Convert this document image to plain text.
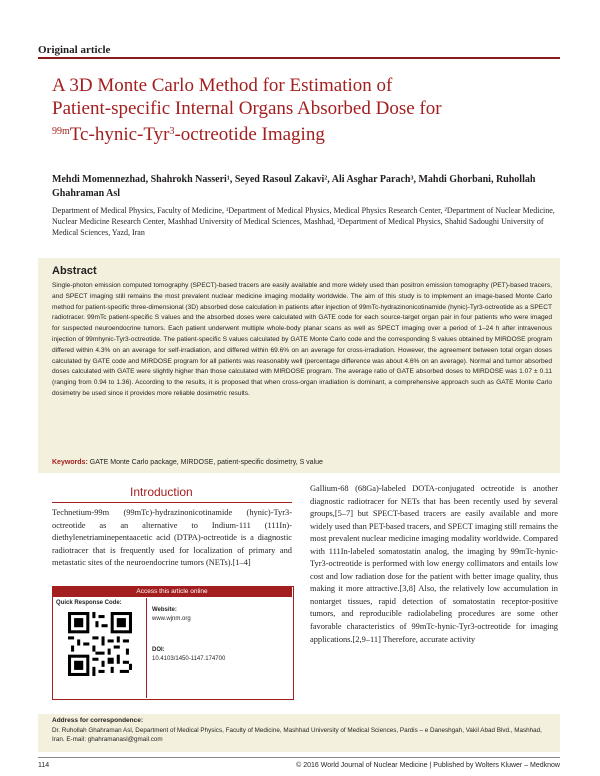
Original article
A 3D Monte Carlo Method for Estimation of
Patient-specific Internal Organs Absorbed Dose for
$^{99m}$Tc-hynic-Tyr$^3$-octreotide Imaging
Mehdi Momennezhad, Shahrokh Nasseri¹, Seyed Rasoul Zakavi², Ali Asghar Parach³, Mahdi Ghorbani, Ruhollah Ghahraman Asl
Department of Medical Physics, Faculty of Medicine, ¹Department of Medical Physics, Medical Physics Research Center, ²Department of Nuclear Medicine, Nuclear Medicine Research Center, Mashhad University of Medical Sciences, Mashhad, ³Department of Medical Physics, Shahid Sadoughi University of Medical Sciences, Yazd, Iran
Abstract
Single-photon emission computed tomography (SPECT)-based tracers are easily available and more widely used than positron emission tomography (PET)-based tracers, and SPECT imaging still remains the most prevalent nuclear medicine imaging modality worldwide. The aim of this study is to implement an image-based Monte Carlo method for patient-specific three-dimensional (3D) absorbed dose calculation in patients after injection of 99mTc-hydrazinonicotinamide (hynic)-Tyr3-octreotide as a SPECT radiotracer. 99mTc patient-specific S values and the absorbed doses were calculated with GATE code for each source-target organ pair in four patients who were imaged for suspected neuroendocrine tumors. Each patient underwent multiple whole-body planar scans as well as SPECT imaging over a period of 1–24 h after intravenous injection of 99mhynic-Tyr3-octreotide. The patient-specific S values calculated by GATE Monte Carlo code and the corresponding S values obtained by MIRDOSE program differed within 4.3% on an average for self-irradiation, and differed within 69.6% on an average for cross-irradiation. However, the agreement between total organ doses calculated by GATE code and MIRDOSE program for all patients was reasonably well (percentage difference was about 4.6% on an average). Normal and tumor absorbed doses calculated with GATE were slightly higher than those calculated with MIRDOSE program. The average ratio of GATE absorbed doses to MIRDOSE was 1.07 ± 0.11 (ranging from 0.94 to 1.36). According to the results, it is proposed that when cross-organ irradiation is dominant, a comprehensive approach such as GATE Monte Carlo dosimetry be used since it provides more reliable dosimetric results.
Keywords: GATE Monte Carlo package, MIRDOSE, patient-specific dosimetry, S value
Introduction
Technetium-99m (99mTc)-hydrazinonicotinamide (hynic)-Tyr3-octreotide as an alternative to Indium-111 (111In)-diethylenetriaminepentaacetic acid (DTPA)-octreotide is a diagnostic radiotracer that is frequently used for localization of primary and metastatic sites of the neuroendocrine tumors (NETs).[1–4]
Gallium-68 (68Ga)-labeled DOTA-conjugated octreotide is another diagnostic radiotracer for NETs that has been recently used by several groups,[5–7] but SPECT-based tracers are easily available and more widely used than PET-based tracers, and SPECT imaging still remains the most prevalent nuclear medicine imaging modality worldwide. Compared with 111In-labeled somatostatin analog, the imaging by 99mTc-hynic-Tyr3-octreotide is performed with low energy collimators and entails low cost and low radiation dose for the patient with better image quality, thus making it more attractive.[3,8] Also, the relatively low accumulation in nontarget tissues, rapid detection of somatostatin receptor-positive tumors, and reproducible radiolabeling procedures are some other favorable characteristics of 99mTc-hynic-Tyr3-octreotide for imaging applications.[2,9–11] Therefore, accurate activity
Access this article online
Quick Response Code:
Website:
www.wjnm.org
DOI:
10.4103/1450-1147.174700
Address for correspondence:
Dr. Ruhollah Ghahraman Asl, Department of Medical Physics, Faculty of Medicine, Mashhad University of Medical Sciences, Pardis – e Daneshgah, Vakil Abad Blvd., Mashhad, Iran. E-mail: ghahramanasl@gmail.com
114	© 2016 World Journal of Nuclear Medicine | Published by Wolters Kluwer – Medknow
